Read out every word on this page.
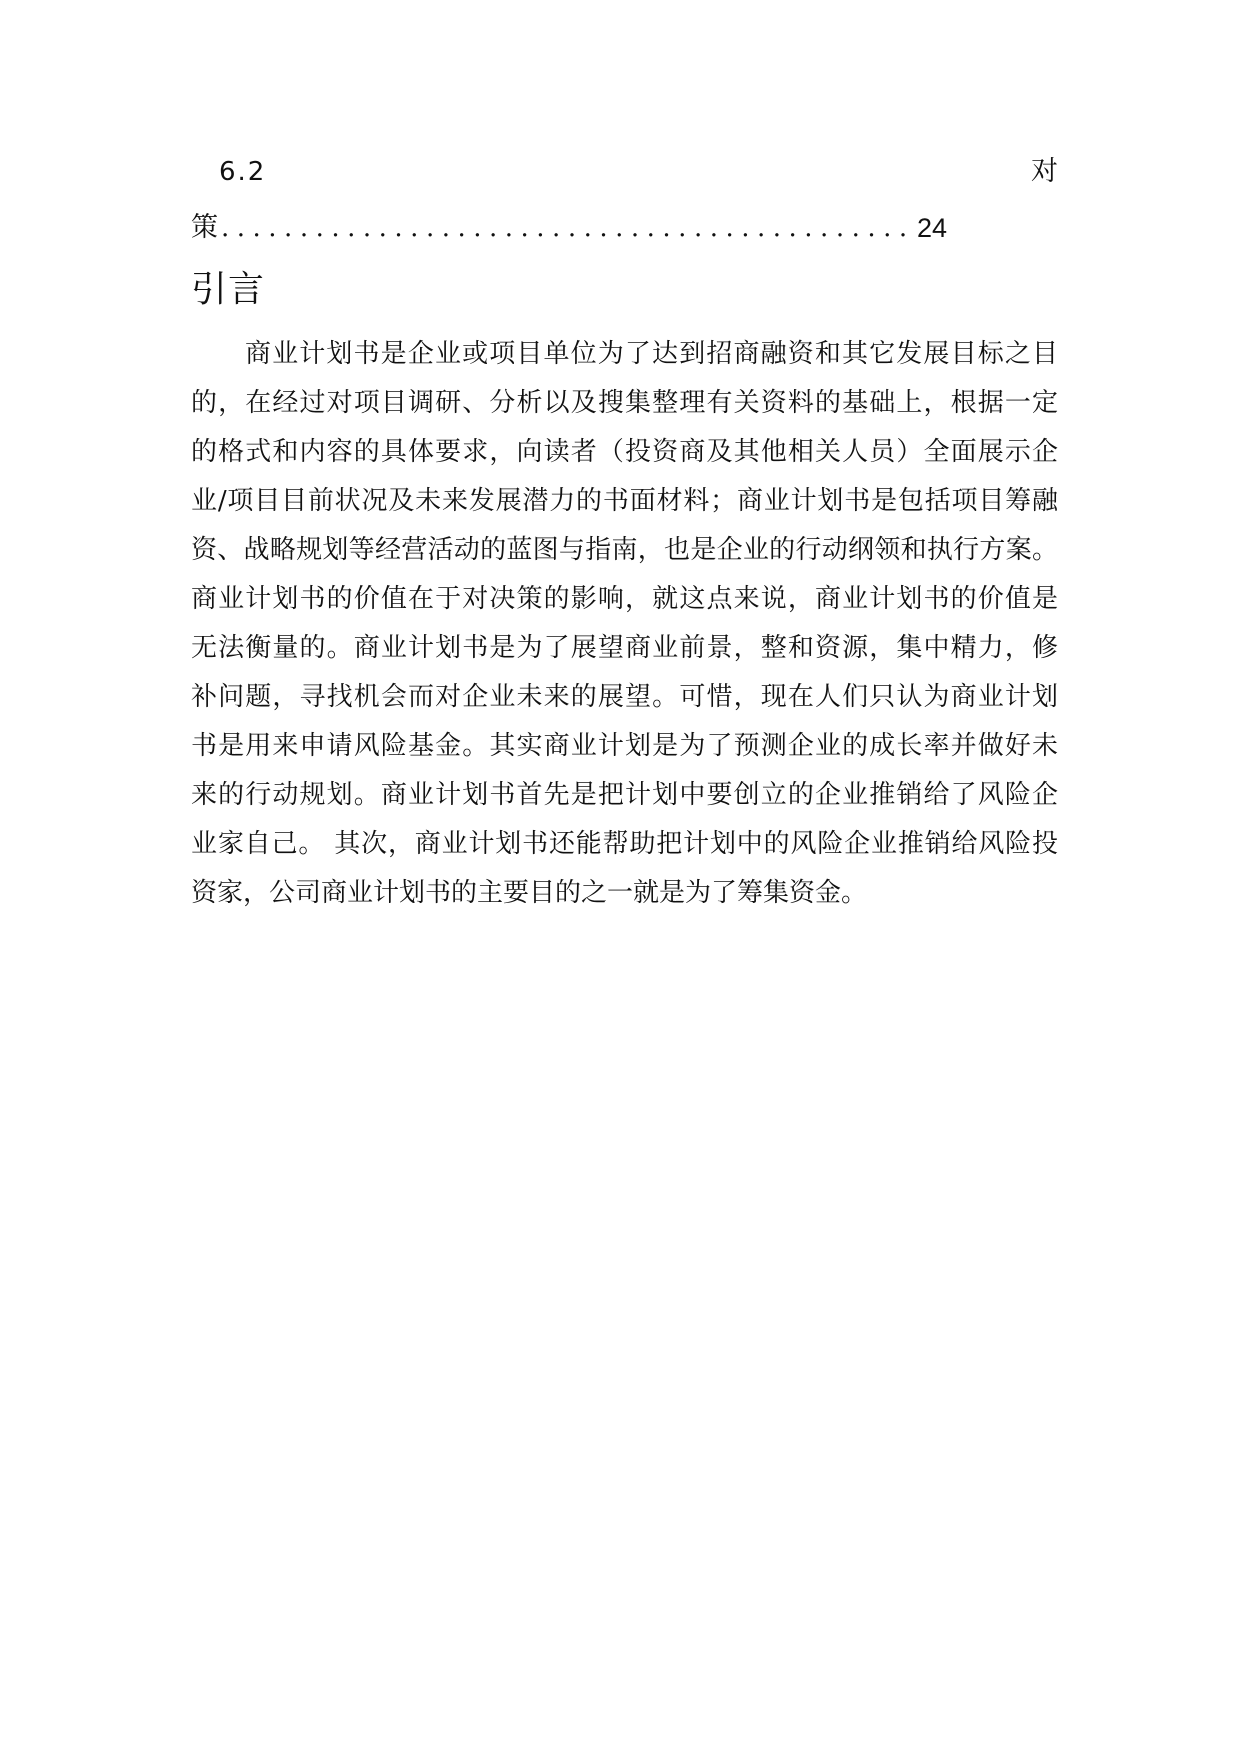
6.2	对
策 ............................................ 24
引言
商业计划书是企业或项目单位为了达到招商融资和其它发展目标之目
的，在经过对项目调研、分析以及搜集整理有关资料的基础上，根据一定
的格式和内容的具体要求，向读者（投资商及其他相关人员）全面展示企
业/项目目前状况及未来发展潜力的书面材料；商业计划书是包括项目筹融
资、战略规划等经营活动的蓝图与指南，也是企业的行动纲领和执行方案。
商业计划书的价值在于对决策的影响，就这点来说，商业计划书的价值是
无法衡量的。商业计划书是为了展望商业前景，整和资源，集中精力，修
补问题，寻找机会而对企业未来的展望。可惜，现在人们只认为商业计划
书是用来申请风险基金。其实商业计划是为了预测企业的成长率并做好未
来的行动规划。商业计划书首先是把计划中要创立的企业推销给了风险企
业家自己。 其次，商业计划书还能帮助把计划中的风险企业推销给风险投
资家，公司商业计划书的主要目的之一就是为了筹集资金。
